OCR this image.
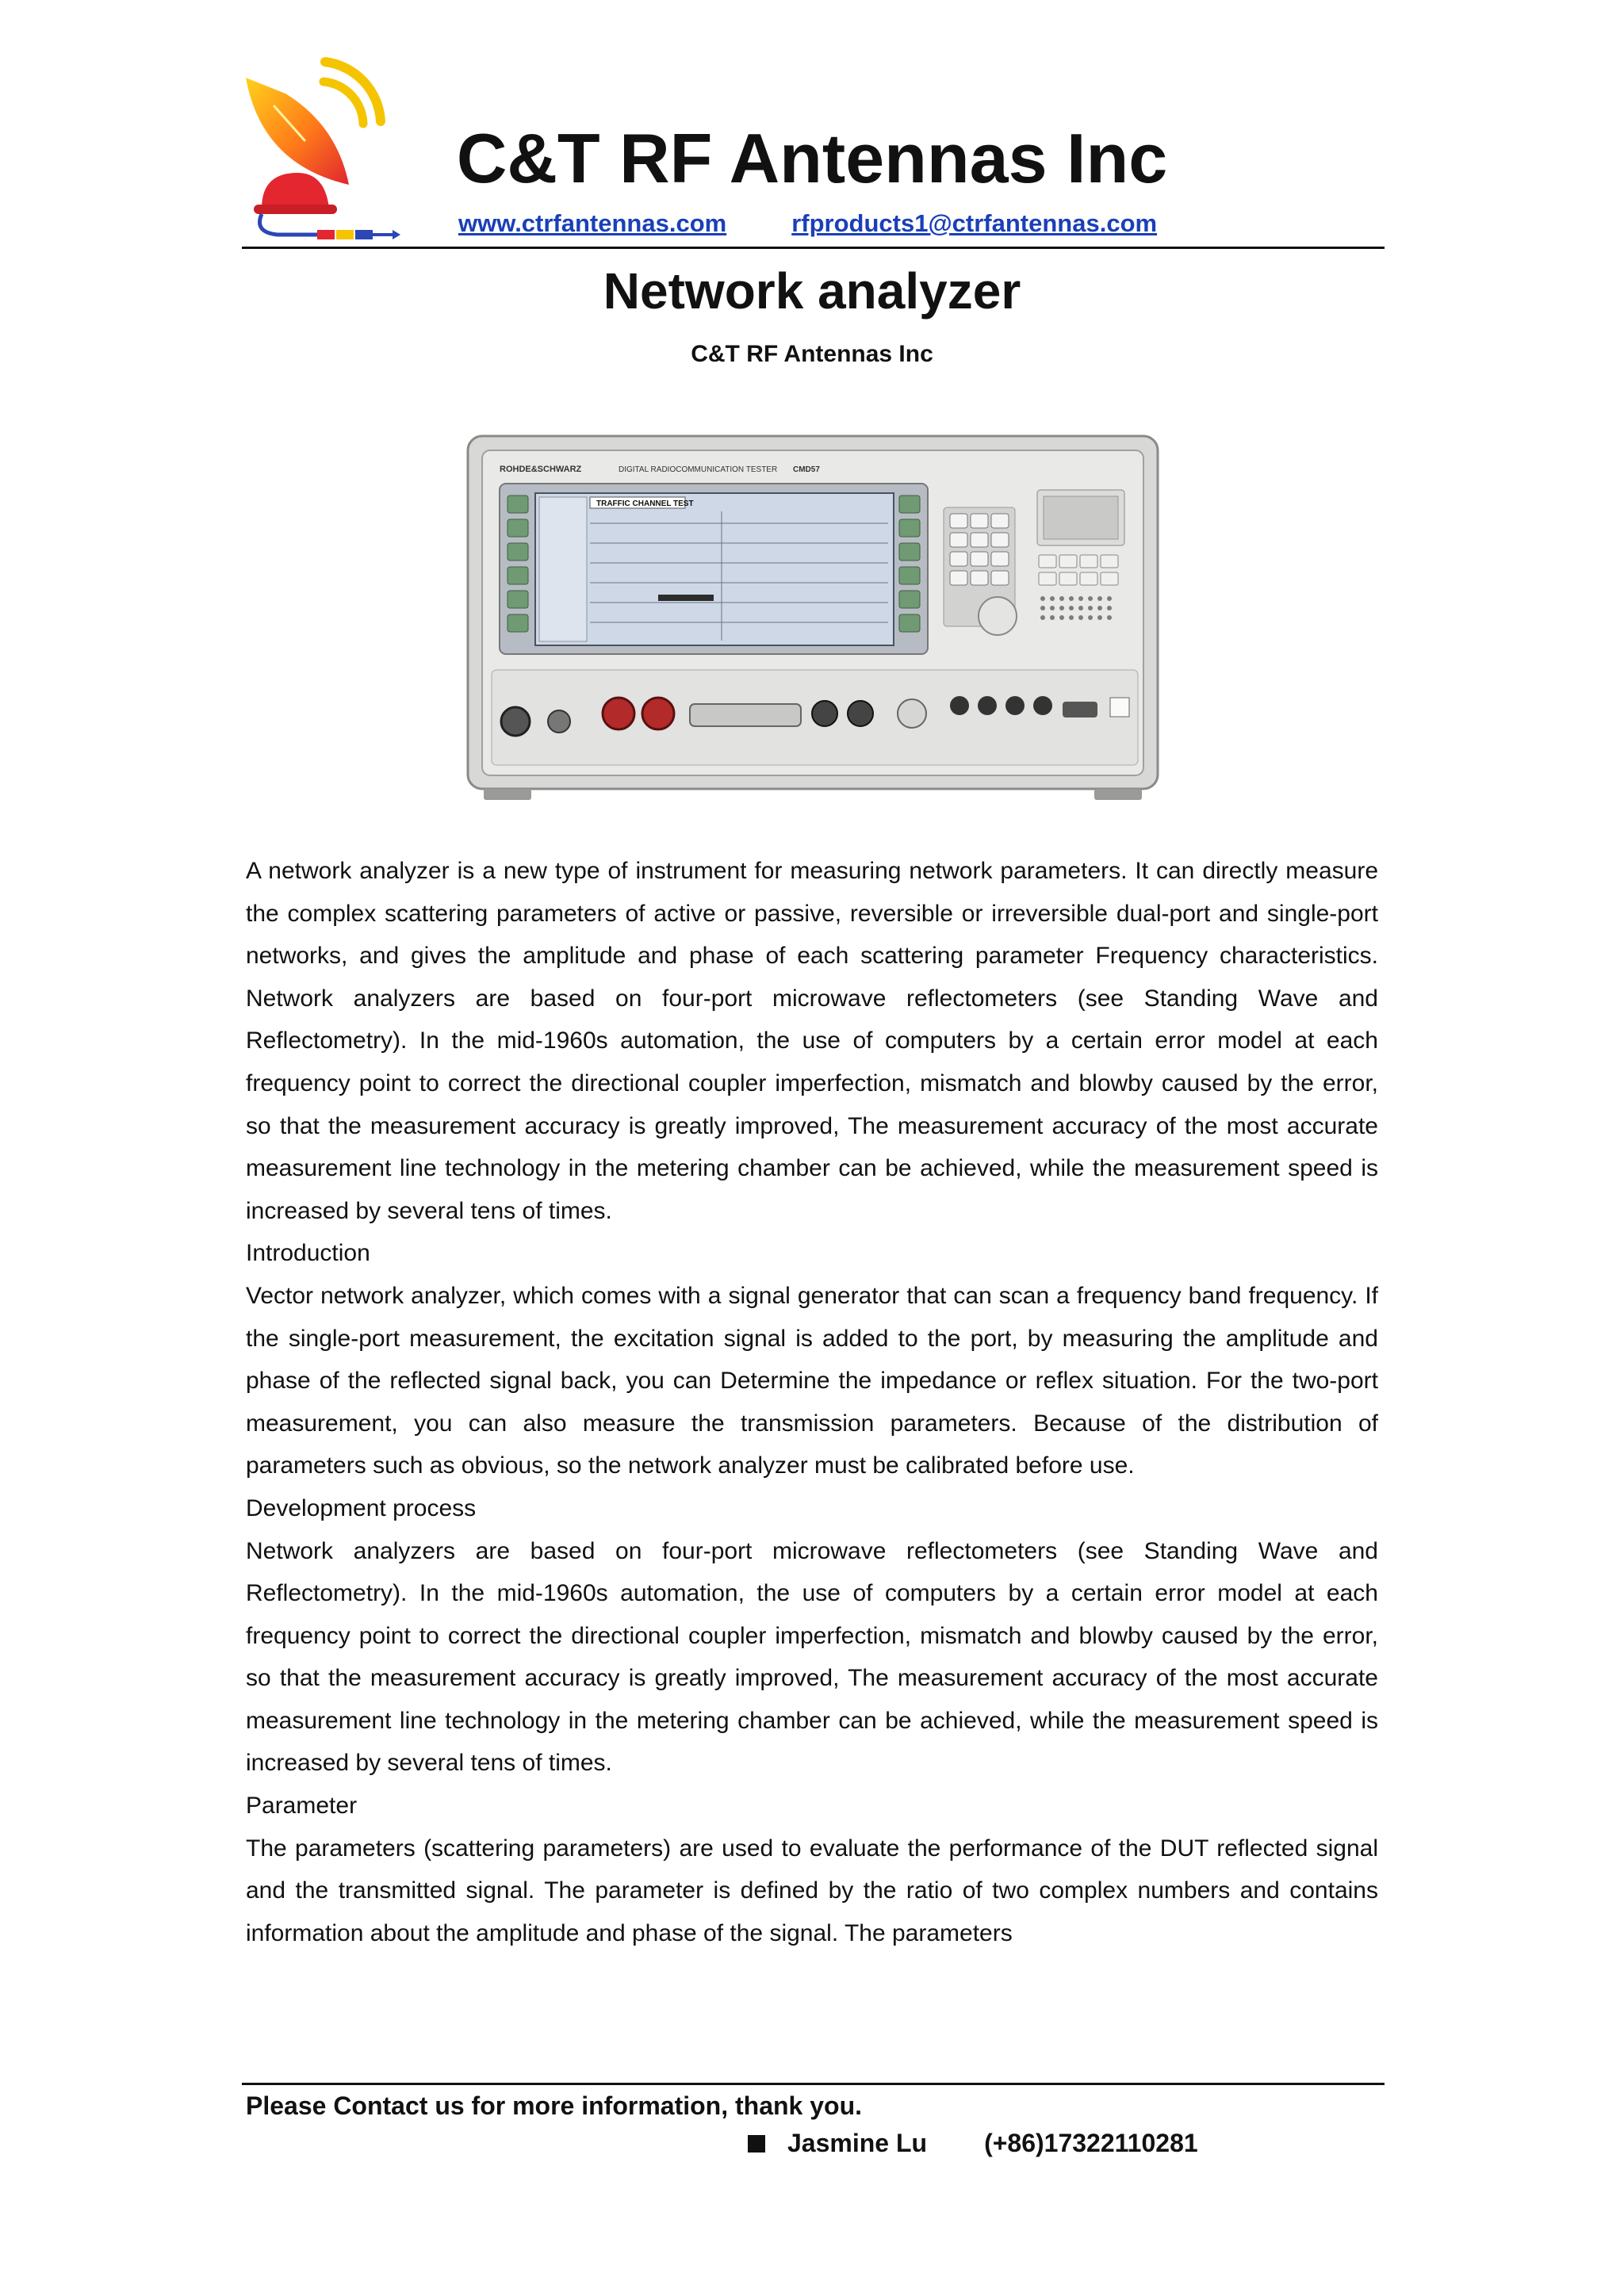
C&T RF Antennas Inc
www.ctrfantennas.com	rfproducts1@ctrfantennas.com
Network analyzer
C&T RF Antennas Inc
ROHDE&SCHWARZ	DIGITAL RADIOCOMMUNICATION TESTER CMD57
TRAFFIC CHANNEL TEST

A network analyzer is a new type of instrument for measuring network parameters. It can directly measure the complex scattering parameters of active or passive, reversible or irreversible dual-port and single-port networks, and gives the amplitude and phase of each scattering parameter Frequency characteristics. Network analyzers are based on four-port microwave reflectometers (see Standing Wave and Reflectometry). In the mid-1960s automation, the use of computers by a certain error model at each frequency point to correct the directional coupler imperfection, mismatch and blowby caused by the error, so that the measurement accuracy is greatly improved, The measurement accuracy of the most accurate measurement line technology in the metering chamber can be achieved, while the measurement speed is increased by several tens of times.

Introduction

Vector network analyzer, which comes with a signal generator that can scan a frequency band frequency. If the single-port measurement, the excitation signal is added to the port, by measuring the amplitude and phase of the reflected signal back, you can Determine the impedance or reflex situation. For the two-port measurement, you can also measure the transmission parameters. Because of the distribution of parameters such as obvious, so the network analyzer must be calibrated before use.

Development process

Network analyzers are based on four-port microwave reflectometers (see Standing Wave and Reflectometry). In the mid-1960s automation, the use of computers by a certain error model at each frequency point to correct the directional coupler imperfection, mismatch and blowby caused by the error, so that the measurement accuracy is greatly improved, The measurement accuracy of the most accurate measurement line technology in the metering chamber can be achieved, while the measurement speed is increased by several tens of times.

Parameter

The parameters (scattering parameters) are used to evaluate the performance of the DUT reflected signal and the transmitted signal. The parameter is defined by the ratio of two complex numbers and contains information about the amplitude and phase of the signal. The parameters

Please Contact us for more information, thank you.
Jasmine Lu (+86)17322110281
